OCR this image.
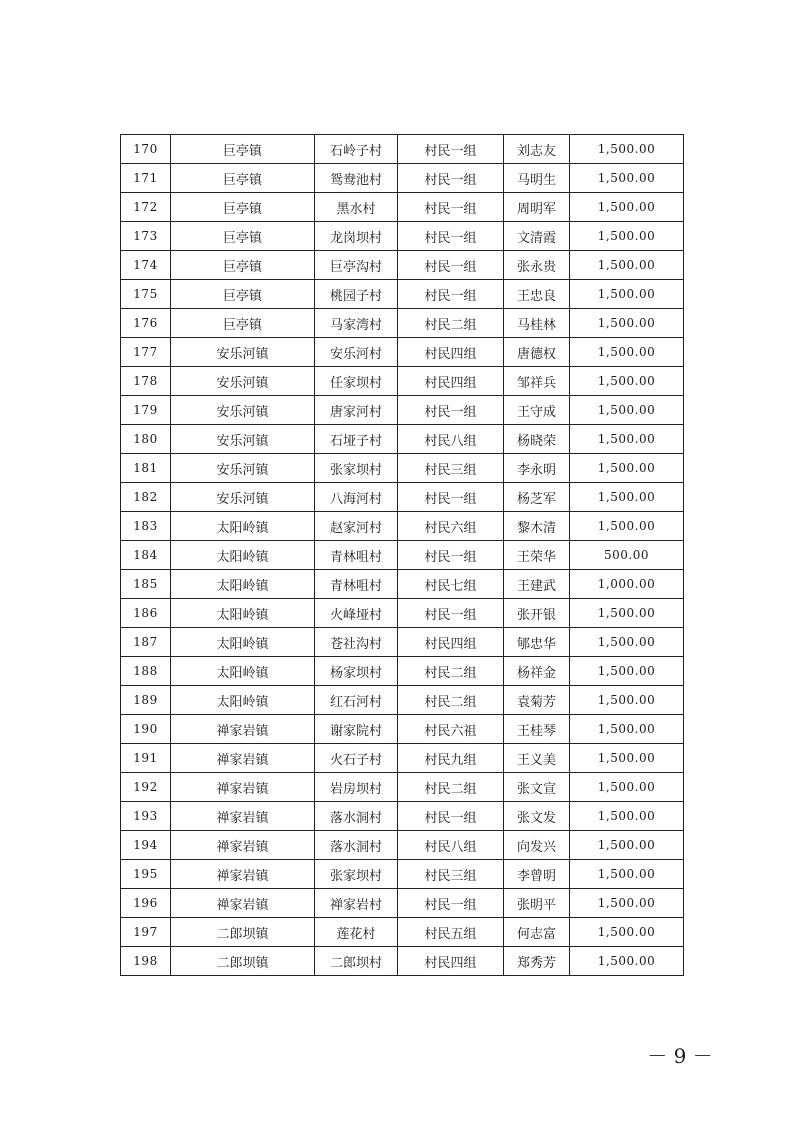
170	巨亭镇	石岭子村	村民一组	刘志友	1,500.00
171	巨亭镇	鸳鸯池村	村民一组	马明生	1,500.00
172	巨亭镇	黑水村	村民一组	周明军	1,500.00
173	巨亭镇	龙岗坝村	村民一组	文清霞	1,500.00
174	巨亭镇	巨亭沟村	村民一组	张永贵	1,500.00
175	巨亭镇	桃园子村	村民一组	王忠良	1,500.00
176	巨亭镇	马家湾村	村民二组	马桂林	1,500.00
177	安乐河镇	安乐河村	村民四组	唐德权	1,500.00
178	安乐河镇	任家坝村	村民四组	邹祥兵	1,500.00
179	安乐河镇	唐家河村	村民一组	王守成	1,500.00
180	安乐河镇	石垭子村	村民八组	杨晓荣	1,500.00
181	安乐河镇	张家坝村	村民三组	李永明	1,500.00
182	安乐河镇	八海河村	村民一组	杨芝军	1,500.00
183	太阳岭镇	赵家河村	村民六组	黎木清	1,500.00
184	太阳岭镇	青林咀村	村民一组	王荣华	500.00
185	太阳岭镇	青林咀村	村民七组	王建武	1,000.00
186	太阳岭镇	火峰垭村	村民一组	张开银	1,500.00
187	太阳岭镇	苍社沟村	村民四组	郇忠华	1,500.00
188	太阳岭镇	杨家坝村	村民二组	杨祥金	1,500.00
189	太阳岭镇	红石河村	村民二组	袁菊芳	1,500.00
190	禅家岩镇	谢家院村	村民六祖	王桂琴	1,500.00
191	禅家岩镇	火石子村	村民九组	王义美	1,500.00
192	禅家岩镇	岩房坝村	村民二组	张文宣	1,500.00
193	禅家岩镇	落水洞村	村民一组	张文发	1,500.00
194	禅家岩镇	落水洞村	村民八组	向发兴	1,500.00
195	禅家岩镇	张家坝村	村民三组	李曾明	1,500.00
196	禅家岩镇	禅家岩村	村民一组	张明平	1,500.00
197	二郎坝镇	莲花村	村民五组	何志富	1,500.00
198	二郎坝镇	二郎坝村	村民四组	郑秀芳	1,500.00
－ 9 －
